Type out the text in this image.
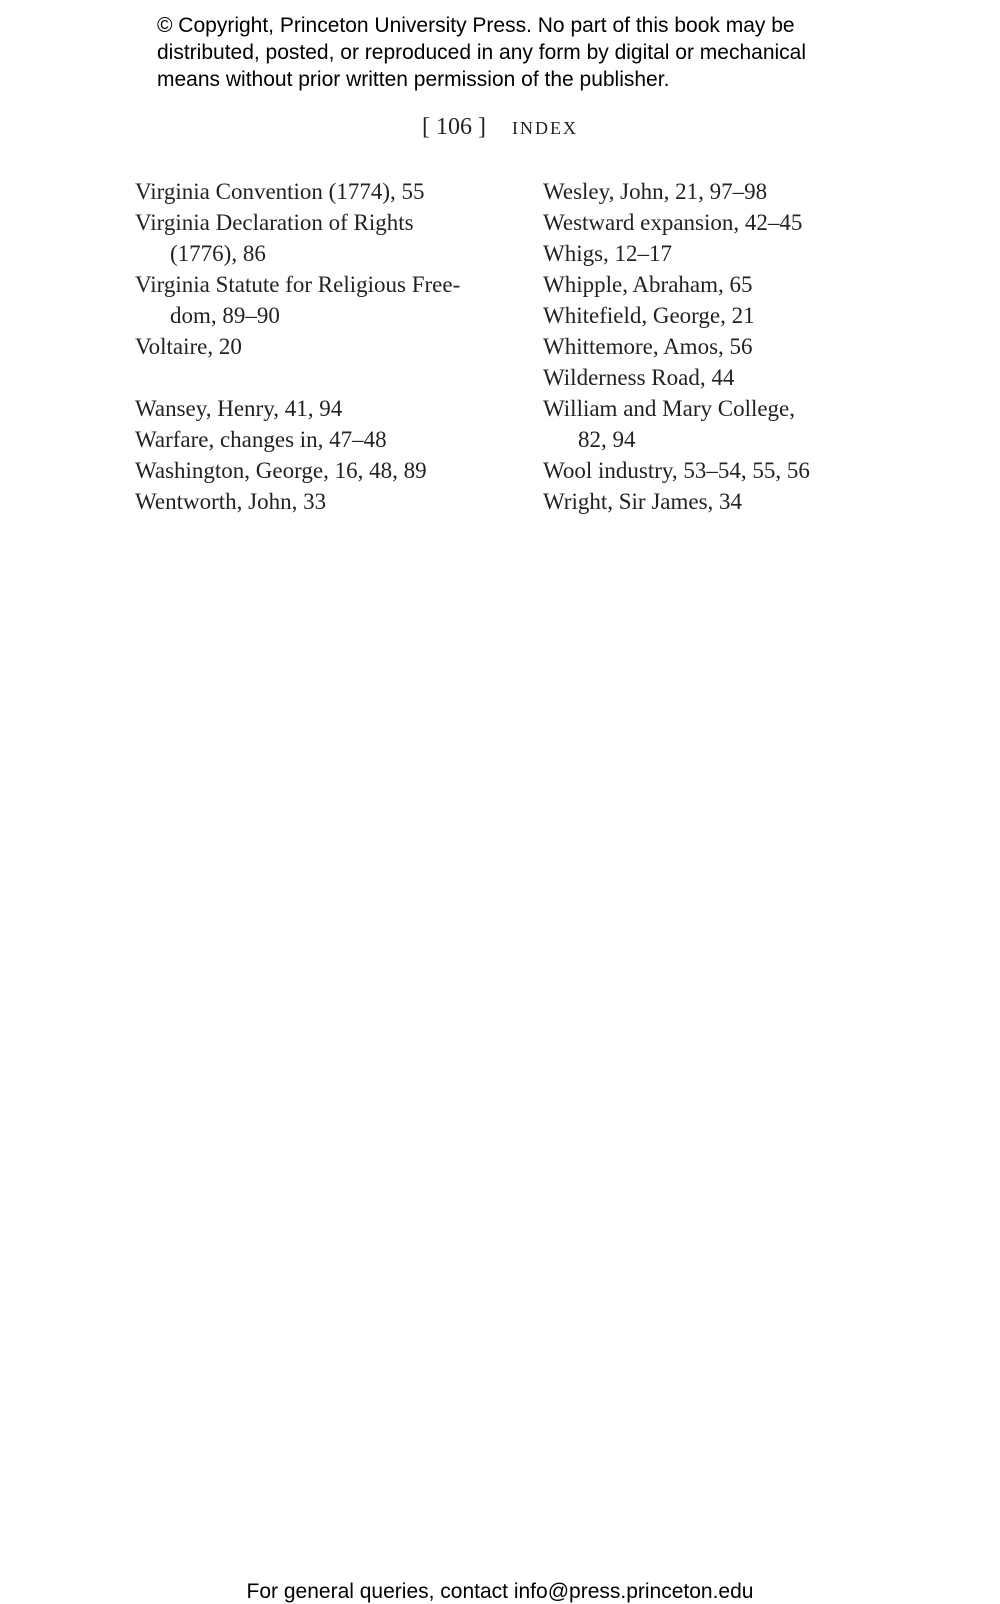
© Copyright, Princeton University Press. No part of this book may be
distributed, posted, or reproduced in any form by digital or mechanical
means without prior written permission of the publisher.
[ 106 ] index
Virginia Convention (1774), 55
Virginia Declaration of Rights
(1776), 86
Virginia Statute for Religious Free-
dom, 89–90
Voltaire, 20
Wansey, Henry, 41, 94
Warfare, changes in, 47–48
Washington, George, 16, 48, 89
Wentworth, John, 33
Wesley, John, 21, 97–98
Westward expansion, 42–45
Whigs, 12–17
Whipple, Abraham, 65
Whitefield, George, 21
Whittemore, Amos, 56
Wilderness Road, 44
William and Mary College,
82, 94
Wool industry, 53–54, 55, 56
Wright, Sir James, 34
For general queries, contact info@press.princeton.edu
